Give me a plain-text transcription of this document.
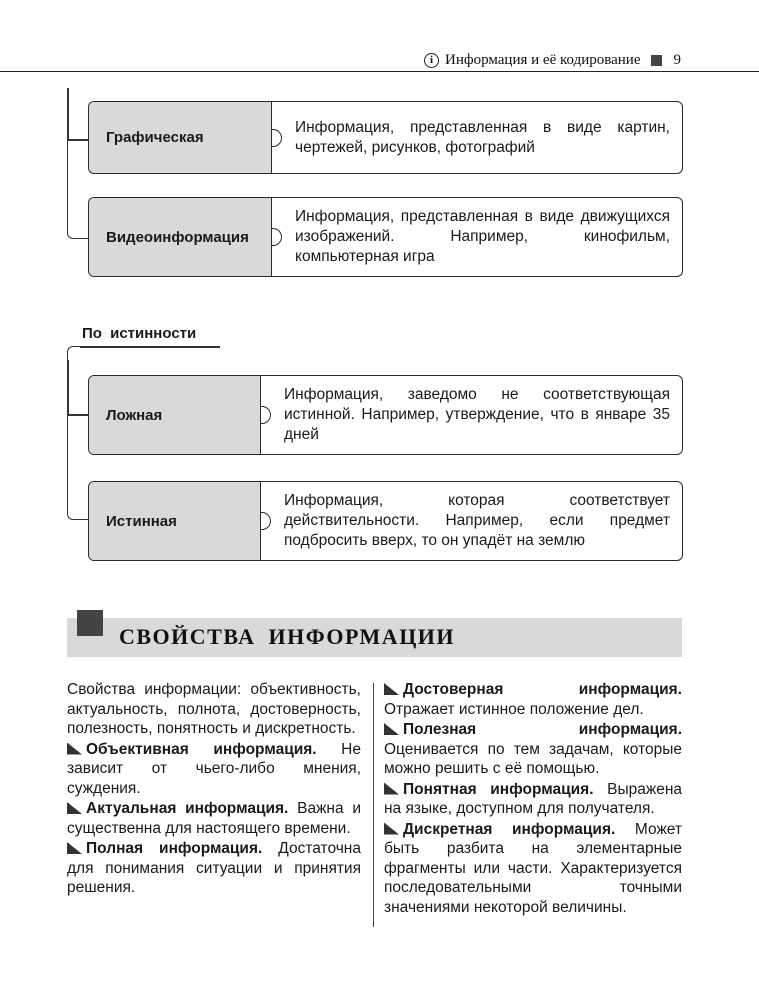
i Информация и её кодирование 9
Графическая
Информация, представленная в виде картин, чертежей, рисунков, фотографий
Видеоинформация
Информация, представленная в виде движущихся изображений. Например, кинофильм, компьютерная игра
По истинности
Ложная
Информация, заведомо не соответствующая истинной. Например, утверждение, что в январе 35 дней
Истинная
Информация, которая соответствует действительности. Например, если предмет подбросить вверх, то он упадёт на землю
СВОЙСТВА ИНФОРМАЦИИ

Свойства информации: объективность, актуальность, полнота, достоверность, полезность, понятность и дискретность.

Объективная информация. Не зависит от чьего-либо мнения, суждения.

Актуальная информация. Важна и существенна для настоящего времени.

Полная информация. Достаточна для понимания ситуации и принятия решения.

Достоверная информация. Отражает истинное положение дел.

Полезная информация. Оценивается по тем задачам, которые можно решить с её помощью.

Понятная информация. Выражена на языке, доступном для получателя.

Дискретная информация. Может быть разбита на элементарные фрагменты или части. Характеризуется последовательными точными значениями некоторой величины.
